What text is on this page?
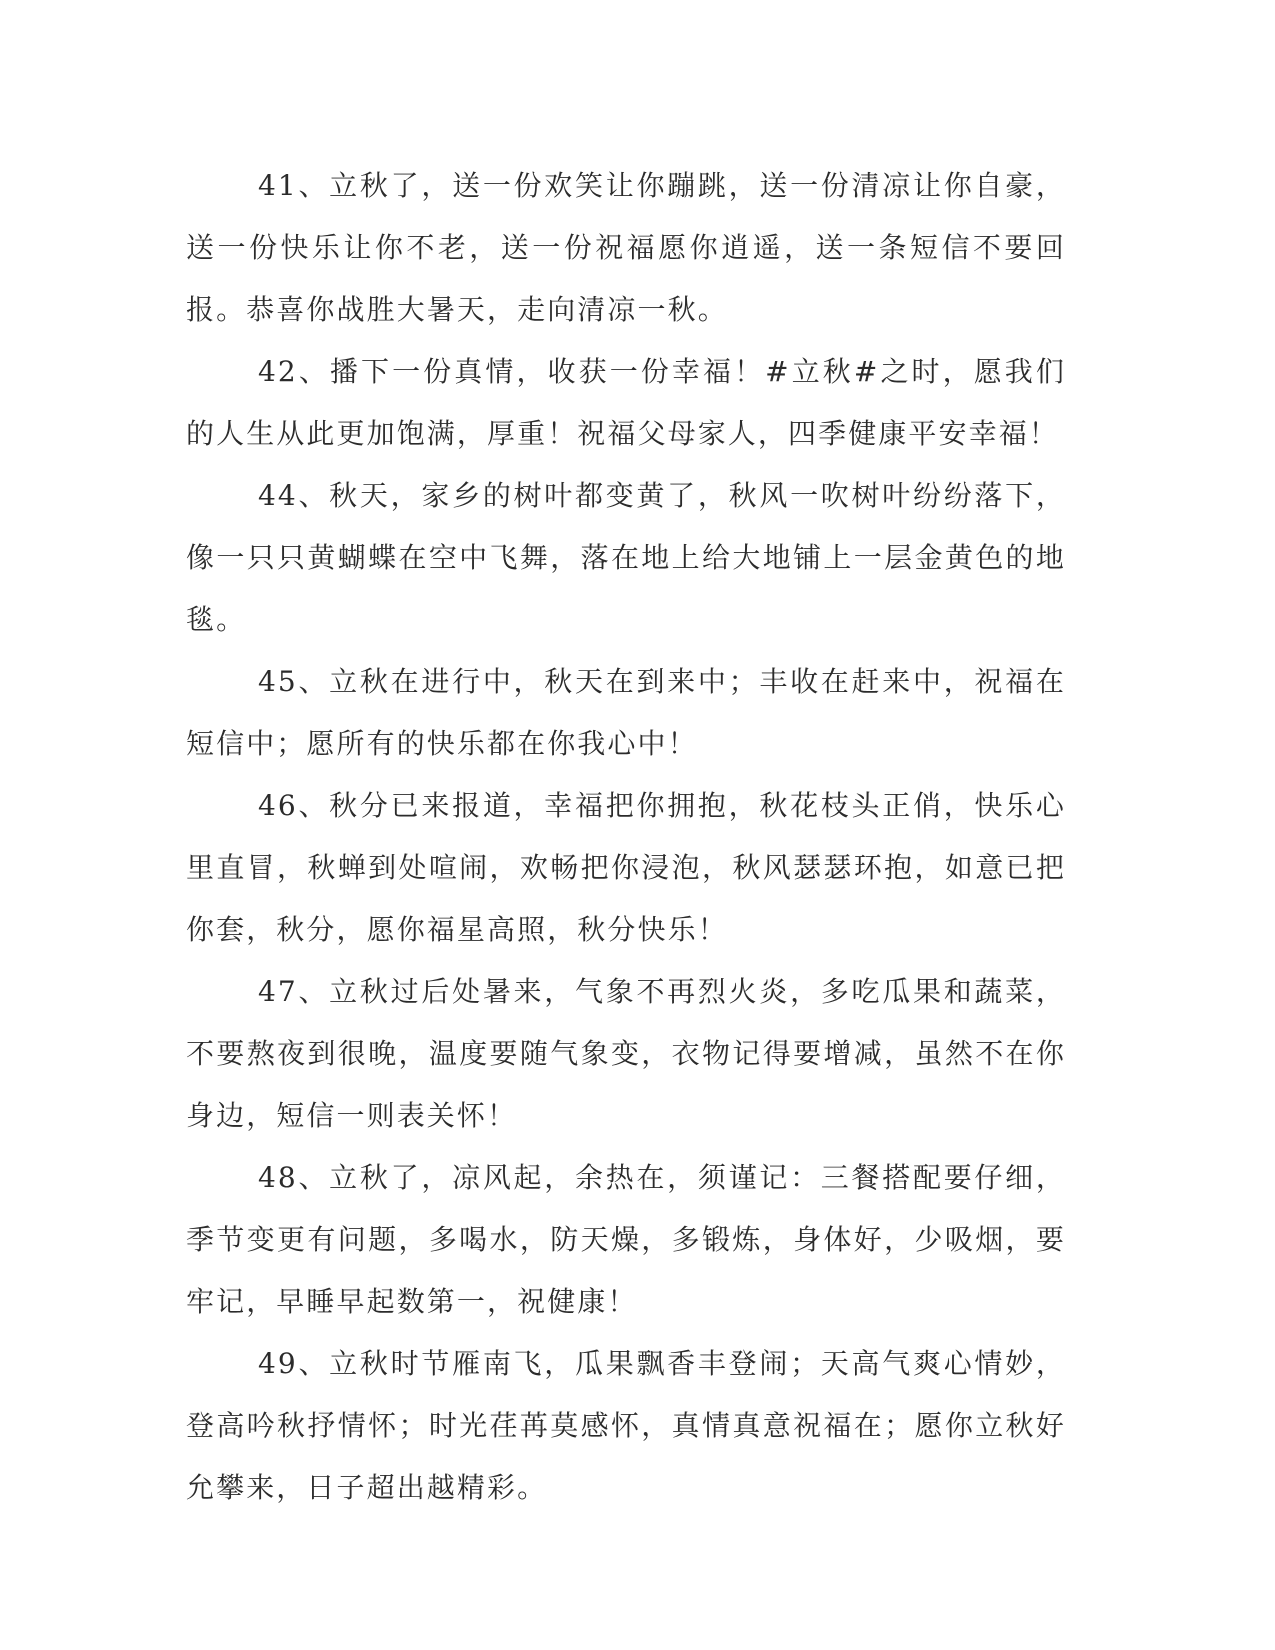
41、立秋了，送一份欢笑让你蹦跳，送一份清凉让你自豪，送一份快乐让你不老，送一份祝福愿你逍遥，送一条短信不要回报。恭喜你战胜大暑天，走向清凉一秋。

42、播下一份真情，收获一份幸福！#立秋#之时，愿我们的人生从此更加饱满，厚重！祝福父母家人，四季健康平安幸福！

44、秋天，家乡的树叶都变黄了，秋风一吹树叶纷纷落下，像一只只黄蝴蝶在空中飞舞，落在地上给大地铺上一层金黄色的地毯。

45、立秋在进行中，秋天在到来中；丰收在赶来中，祝福在短信中；愿所有的快乐都在你我心中！

46、秋分已来报道，幸福把你拥抱，秋花枝头正俏，快乐心里直冒，秋蝉到处喧闹，欢畅把你浸泡，秋风瑟瑟环抱，如意已把你套，秋分，愿你福星高照，秋分快乐！

47、立秋过后处暑来，气象不再烈火炎，多吃瓜果和蔬菜，不要熬夜到很晚，温度要随气象变，衣物记得要增减，虽然不在你身边，短信一则表关怀！

48、立秋了，凉风起，余热在，须谨记：三餐搭配要仔细，季节变更有问题，多喝水，防天燥，多锻炼，身体好，少吸烟，要牢记，早睡早起数第一，祝健康！

49、立秋时节雁南飞，瓜果飘香丰登闹；天高气爽心情妙，登高吟秋抒情怀；时光荏苒莫感怀，真情真意祝福在；愿你立秋好允攀来，日子超出越精彩。
